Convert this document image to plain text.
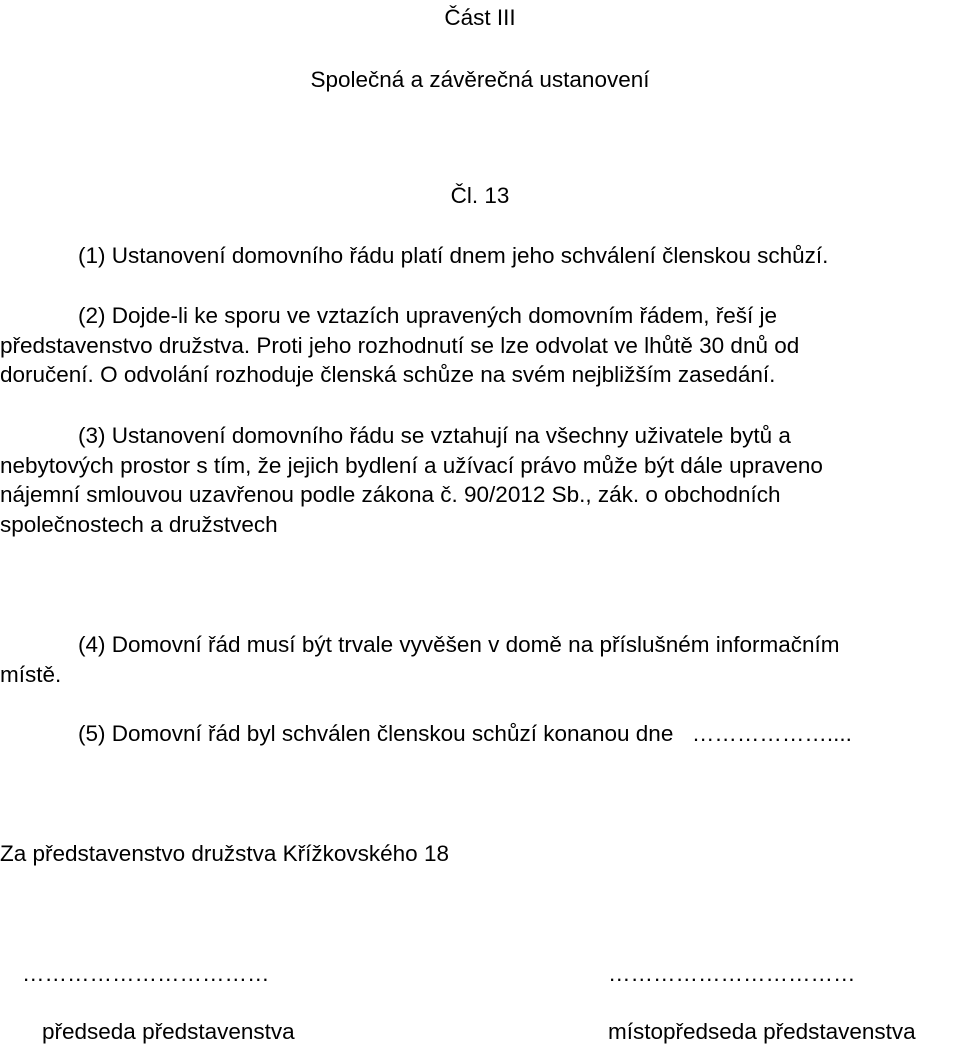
Část III
Společná a závěrečná ustanovení
Čl. 13
(1) Ustanovení domovního řádu platí dnem jeho schválení členskou schůzí.
(2) Dojde-li ke sporu ve vztazích upravených domovním řádem, řeší je
představenstvo družstva. Proti jeho rozhodnutí se lze odvolat ve lhůtě 30 dnů od
doručení. O odvolání rozhoduje členská schůze na svém nejbližším zasedání.
(3) Ustanovení domovního řádu se vztahují na všechny uživatele bytů a
nebytových prostor s tím, že jejich bydlení a užívací právo může být dále upraveno
nájemní smlouvou uzavřenou podle zákona č. 90/2012 Sb., zák. o obchodních
společnostech a družstvech
(4) Domovní řád musí být trvale vyvěšen v domě na příslušném informačním
místě.
(5) Domovní řád byl schválen členskou schůzí konanou dne ………………....
Za představenstvo družstva Křížkovského 18
……………………………	……………………………
předseda představenstva	místopředseda představenstva
